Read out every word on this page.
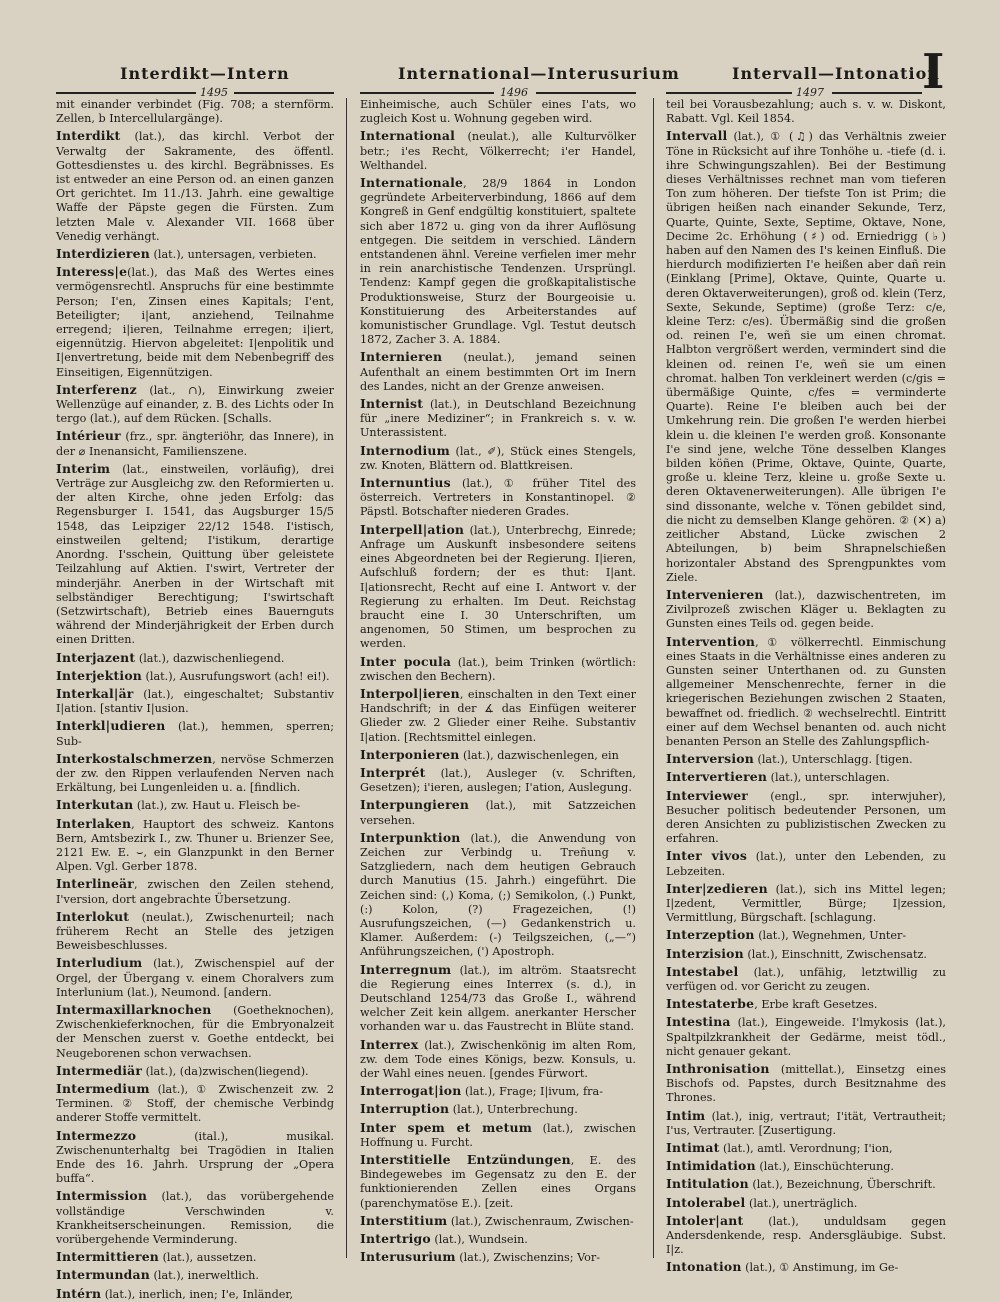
Interdikt—Intern	International—Interusurium	Intervall—Intonation
1495	1496	1497 I

mit einander verbindet (Fig. 708; a sternförm. Zellen, b Intercellulargänge).

Interdikt (lat.), das kirchl. Verbot der Verwaltg der Sakramente, des öffentl. Gottesdienstes u. des kirchl. Begräbnisses. Es ist entweder an eine Person od. an einen ganzen Ort gerichtet. Im 11./13. Jahrh. eine gewaltige Waffe der Päpste gegen die Fürsten. Zum letzten Male v. Alexander VII. 1668 über Venedig verhängt.

Interdizieren (lat.), untersagen, verbieten.

Interess|e(lat.), das Maß des Wertes eines vermögensrechtl. Anspruchs für eine bestimmte Person; I'en, Zinsen eines Kapitals; I'ent, Beteiligter; i|ant, anziehend, Teilnahme erregend; i|ieren, Teilnahme erregen; i|iert, eigennützig. Hiervon abgeleitet: I|enpolitik und I|envertretung, beide mit dem Nebenbegriff des Einseitigen, Eigennützigen.

Interferenz (lat., ∩), Einwirkung zweier Wellenzüge auf einander, z. B. des Lichts oder In tergo (lat.), auf dem Rücken. [Schalls.

Intérieur (frz., spr. ängteriöhr, das Innere), in der ⌀ Inenansicht, Familienszene.

Interim (lat., einstweilen, vorläufig), drei Verträge zur Ausgleichg zw. den Reformierten u. der alten Kirche, ohne jeden Erfolg: das Regensburger I. 1541, das Augsburger 15/5 1548, das Leipziger 22/12 1548. I'istisch, einstweilen geltend; I'istikum, derartige Anordng. I'sschein, Quittung über geleistete Teilzahlung auf Aktien. I'swirt, Vertreter der minderjähr. Anerben in der Wirtschaft mit selbständiger Berechtigung; I'swirtschaft (Setzwirtschaft), Betrieb eines Bauernguts während der Minderjährigkeit der Erben durch einen Dritten.

Interjazent (lat.), dazwischenliegend.

Interjektion (lat.), Ausrufungswort (ach! ei!).

Interkal|är (lat.), eingeschaltet; Substantiv I|ation. [stantiv I|usion.

Interkl|udieren (lat.), hemmen, sperren; Sub-

Interkostalschmerzen, nervöse Schmerzen der zw. den Rippen verlaufenden Nerven nach Erkältung, bei Lungenleiden u. a. [findlich.

Interkutan (lat.), zw. Haut u. Fleisch be-

Interlaken, Hauptort des schweiz. Kantons Bern, Amtsbezirk I., zw. Thuner u. Brienzer See, 2121 Ew. E. ⌣, ein Glanzpunkt in den Berner Alpen. Vgl. Gerber 1878.

Interlineär, zwischen den Zeilen stehend, I'version, dort angebrachte Übersetzung.

Interlokut (neulat.), Zwischenurteil; nach früherem Recht an Stelle des jetzigen Beweisbeschlusses.

Interludium (lat.), Zwischenspiel auf der Orgel, der Übergang v. einem Choralvers zum Interlunium (lat.), Neumond. [andern.

Intermaxillarknochen (Goetheknochen), Zwischenkieferknochen, für die Embryonalzeit der Menschen zuerst v. Goethe entdeckt, bei Neugeborenen schon verwachsen.

Intermediär (lat.), (da)zwischen(liegend).

Intermedium (lat.), ① Zwischenzeit zw. 2 Terminen. ② Stoff, der chemische Verbindg anderer Stoffe vermittelt.

Intermezzo (ital.), musikal. Zwischenunterhaltg bei Tragödien in Italien Ende des 16. Jahrh. Ursprung der „Opera buffa“.

Intermission (lat.), das vorübergehende vollständige Verschwinden v. Krankheitserscheinungen. Remission, die vorübergehende Verminderung.

Intermittieren (lat.), aussetzen.

Intermundan (lat.), inerweltlich.

Intérn (lat.), inerlich, inen; I'e, Inländer,

Einheimische, auch Schüler eines I'ats, wo zugleich Kost u. Wohnung gegeben wird.

International (neulat.), alle Kulturvölker betr.; i'es Recht, Völkerrecht; i'er Handel, Welthandel.

Internationale, 28/9 1864 in London gegründete Arbeiterverbindung, 1866 auf dem Kongreß in Genf endgültig konstituiert, spaltete sich aber 1872 u. ging von da ihrer Auflösung entgegen. Die seitdem in verschied. Ländern entstandenen ähnl. Vereine verfielen imer mehr in rein anarchistische Tendenzen. Ursprüngl. Tendenz: Kampf gegen die großkapitalistische Produktionsweise, Sturz der Bourgeoisie u. Konstituierung des Arbeiterstandes auf komunistischer Grundlage. Vgl. Testut deutsch 1872, Zacher 3. A. 1884.

Internieren (neulat.), jemand seinen Aufenthalt an einem bestimmten Ort im Inern des Landes, nicht an der Grenze anweisen.

Internist (lat.), in Deutschland Bezeichnung für „inere Mediziner“; in Frankreich s. v. w. Unterassistent.

Internodium (lat., ✐), Stück eines Stengels, zw. Knoten, Blättern od. Blattkreisen.

Internuntius (lat.), ① früher Titel des österreich. Vertreters in Konstantinopel. ② Päpstl. Botschafter niederen Grades.

Interpell|ation (lat.), Unterbrechg, Einrede; Anfrage um Auskunft insbesondere seitens eines Abgeordneten bei der Regierung. I|ieren, Aufschluß fordern; der es thut: I|ant. I|ationsrecht, Recht auf eine I. Antwort v. der Regierung zu erhalten. Im Deut. Reichstag braucht eine I. 30 Unterschriften, um angenomen, 50 Stimen, um besprochen zu werden.

Inter pocula (lat.), beim Trinken (wörtlich: zwischen den Bechern).

Interpol|ieren, einschalten in den Text einer Handschrift; in der ∡ das Einfügen weiterer Glieder zw. 2 Glieder einer Reihe. Substantiv I|ation. [Rechtsmittel einlegen.

Interponieren (lat.), dazwischenlegen, ein

Interprét (lat.), Ausleger (v. Schriften, Gesetzen); i'ieren, auslegen; I'ation, Auslegung.

Interpungieren (lat.), mit Satzzeichen versehen.

Interpunktion (lat.), die Anwendung von Zeichen zur Verbindg u. Treñung v. Satzgliedern, nach dem heutigen Gebrauch durch Manutius (15. Jahrh.) eingeführt. Die Zeichen sind: (,) Koma, (;) Semikolon, (.) Punkt, (:) Kolon, (?) Fragezeichen, (!) Ausrufungszeichen, (—) Gedankenstrich u. Klamer. Außerdem: (-) Teilgszeichen, („—“) Anführungszeichen, (') Apostroph.

Interregnum (lat.), im altröm. Staatsrecht die Regierung eines Interrex (s. d.), in Deutschland 1254/73 das Große I., während welcher Zeit kein allgem. anerkanter Herscher vorhanden war u. das Faustrecht in Blüte stand.

Interrex (lat.), Zwischenkönig im alten Rom, zw. dem Tode eines Königs, bezw. Konsuls, u. der Wahl eines neuen. [gendes Fürwort.

Interrogat|ion (lat.), Frage; I|ivum, fra-

Interruption (lat.), Unterbrechung.

Inter spem et metum (lat.), zwischen Hoffnung u. Furcht.

Interstitielle Entzündungen, E. des Bindegewebes im Gegensatz zu den E. der funktionierenden Zellen eines Organs (parenchymatöse E.). [zeit.

Interstitium (lat.), Zwischenraum, Zwischen-

Intertrigo (lat.), Wundsein.

Interusurium (lat.), Zwischenzins; Vor-

teil bei Vorausbezahlung; auch s. v. w. Diskont, Rabatt. Vgl. Keil 1854.

Intervall (lat.), ① (♫) das Verhältnis zweier Töne in Rücksicht auf ihre Tonhöhe u. -tiefe (d. i. ihre Schwingungszahlen). Bei der Bestimung dieses Verhältnisses rechnet man vom tieferen Ton zum höheren. Der tiefste Ton ist Prim; die übrigen heißen nach einander Sekunde, Terz, Quarte, Quinte, Sexte, Septime, Oktave, None, Decime 2c. Erhöhung (♯) od. Erniedrigg (♭) haben auf den Namen des I's keinen Einfluß. Die hierdurch modifizierten I'e heißen aber dañ rein (Einklang [Prime], Oktave, Quinte, Quarte u. deren Oktaverweiterungen), groß od. klein (Terz, Sexte, Sekunde, Septime) (große Terz: c/e, kleine Terz: c/es). Übermäßig sind die großen od. reinen I'e, weñ sie um einen chromat. Halbton vergrößert werden, vermindert sind die kleinen od. reinen I'e, weñ sie um einen chromat. halben Ton verkleinert werden (c/gis = übermäßige Quinte, c/fes = verminderte Quarte). Reine I'e bleiben auch bei der Umkehrung rein. Die großen I'e werden hierbei klein u. die kleinen I'e werden groß. Konsonante I'e sind jene, welche Töne desselben Klanges bilden köñen (Prime, Oktave, Quinte, Quarte, große u. kleine Terz, kleine u. große Sexte u. deren Oktavenerweiterungen). Alle übrigen I'e sind dissonante, welche v. Tönen gebildet sind, die nicht zu demselben Klange gehören. ② (✕) a) zeitlicher Abstand, Lücke zwischen 2 Abteilungen, b) beim Shrapnelschießen horizontaler Abstand des Sprengpunktes vom Ziele.

Intervenieren (lat.), dazwischentreten, im Zivilprozeß zwischen Kläger u. Beklagten zu Gunsten eines Teils od. gegen beide.

Intervention, ① völkerrechtl. Einmischung eines Staats in die Verhältnisse eines anderen zu Gunsten seiner Unterthanen od. zu Gunsten allgemeiner Menschenrechte, ferner in die kriegerischen Beziehungen zwischen 2 Staaten, bewaffnet od. friedlich. ② wechselrechtl. Eintritt einer auf dem Wechsel benanten od. auch nicht benanten Person an Stelle des Zahlungspflich-

Interversion (lat.), Unterschlagg. [tigen.

Intervertieren (lat.), unterschlagen.

Interviewer (engl., spr. interwjuher), Besucher politisch bedeutender Personen, um deren Ansichten zu publizistischen Zwecken zu erfahren.

Inter vivos (lat.), unter den Lebenden, zu Lebzeiten.

Inter|zedieren (lat.), sich ins Mittel legen; I|zedent, Vermittler, Bürge; I|zession, Vermittlung, Bürgschaft. [schlagung.

Interzeption (lat.), Wegnehmen, Unter-

Interzision (lat.), Einschnitt, Zwischensatz.

Intestabel (lat.), unfähig, letztwillig zu verfügen od. vor Gericht zu zeugen.

Intestaterbe, Erbe kraft Gesetzes.

Intestina (lat.), Eingeweide. I'lmykosis (lat.), Spaltpilzkrankheit der Gedärme, meist tödl., nicht genauer gekant.

Inthronisation (mittellat.), Einsetzg eines Bischofs od. Papstes, durch Besitznahme des Thrones.

Intim (lat.), inig, vertraut; I'ität, Vertrautheit; I'us, Vertrauter. [Zusertigung.

Intimat (lat.), amtl. Verordnung; I'ion,

Intimidation (lat.), Einschüchterung.

Intitulation (lat.), Bezeichnung, Überschrift.

Intolerabel (lat.), unerträglich.

Intoler|ant (lat.), unduldsam gegen Andersdenkende, resp. Andersgläubige. Subst. I|z.

Intonation (lat.), ① Anstimung, im Ge-
